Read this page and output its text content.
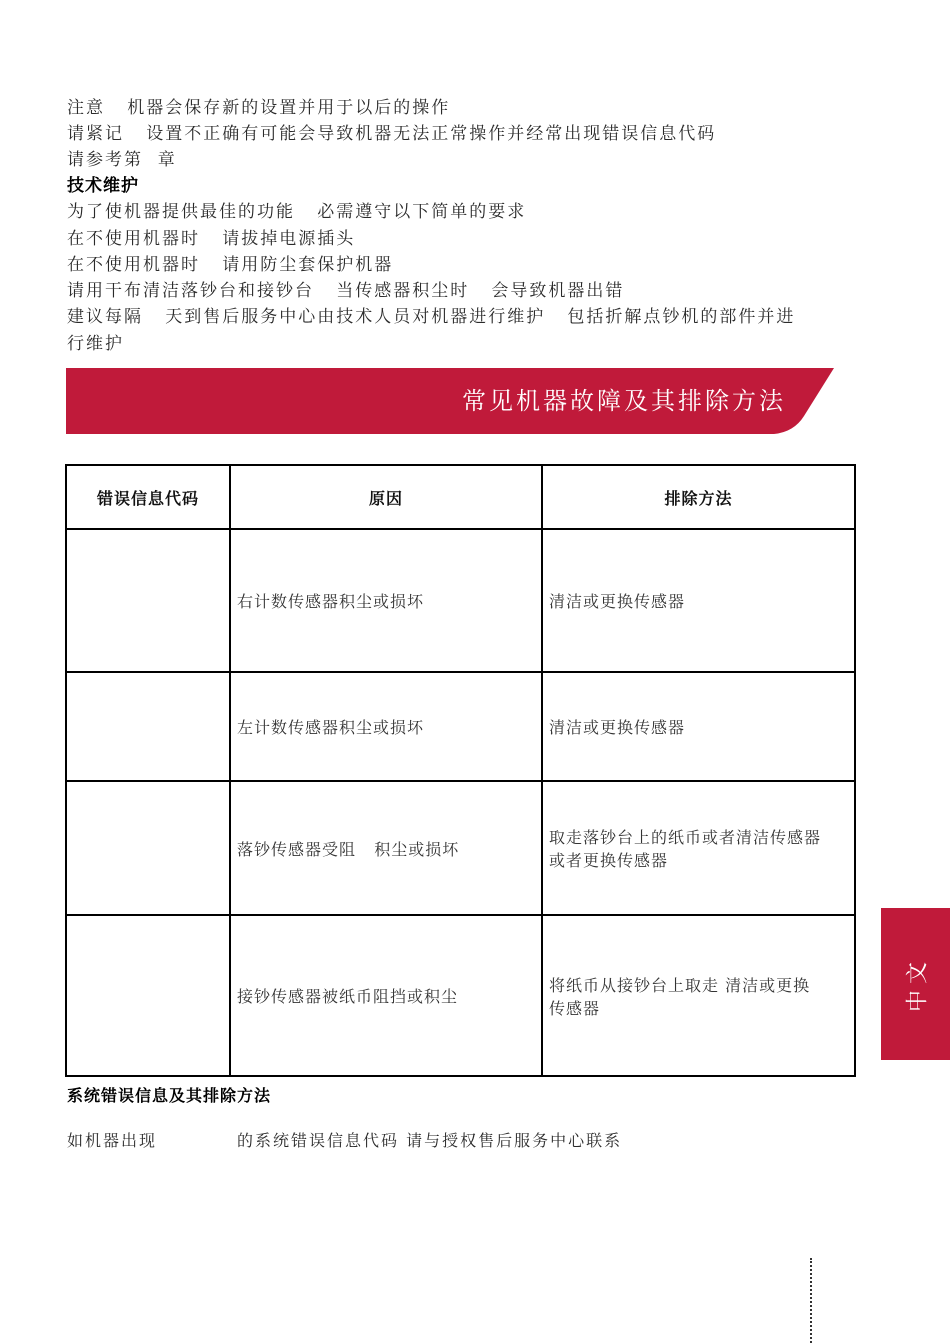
注意   机器会保存新的设置并用于以后的操作
请紧记   设置不正确有可能会导致机器无法正常操作并经常出现错误信息代码
请参考第  章
技术维护
为了使机器提供最佳的功能   必需遵守以下简单的要求
在不使用机器时   请拔掉电源插头
在不使用机器时   请用防尘套保护机器
请用干布清洁落钞台和接钞台   当传感器积尘时   会导致机器出错
建议每隔   天到售后服务中心由技术人员对机器进行维护   包括折解点钞机的部件并进
行维护
常见机器故障及其排除方法
错误信息代码	原因	排除方法
	右计数传感器积尘或损坏	清洁或更换传感器
	左计数传感器积尘或损坏	清洁或更换传感器
	落钞传感器受阻   积尘或损坏	取走落钞台上的纸币或者清洁传感器
或者更换传感器
	接钞传感器被纸币阻挡或积尘	将纸币从接钞台上取走 清洁或更换
传感器
系统错误信息及其排除方法
如机器出现	的系统错误信息代码 请与授权售后服务中心联系
中文
